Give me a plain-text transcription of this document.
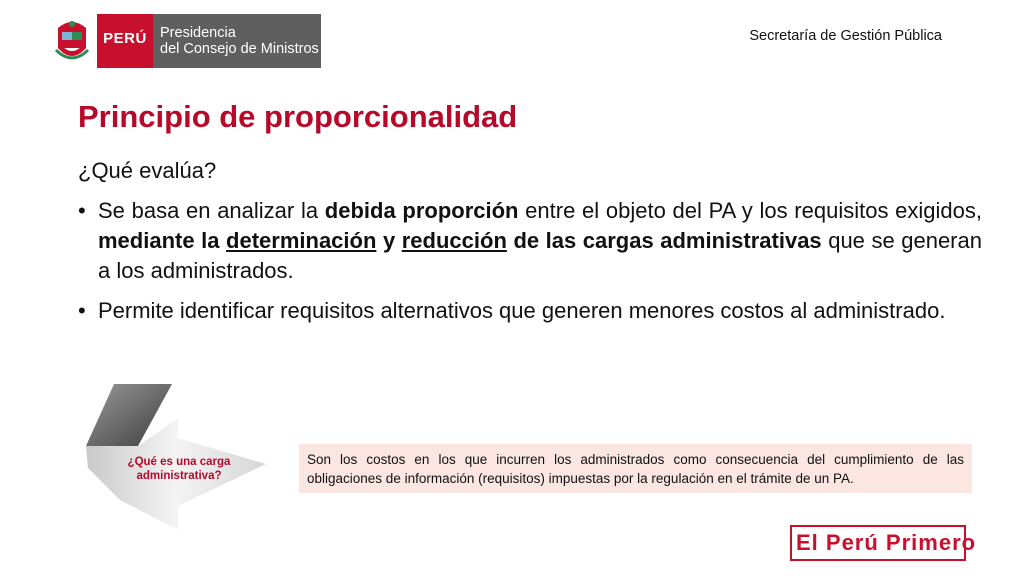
PERÚ Presidencia
del Consejo de Ministros
Secretaría de Gestión Pública
Principio de proporcionalidad
¿Qué evalúa?
• Se basa en analizar la debida proporción entre el objeto del PA y los requisitos exigidos, mediante la determinación y reducción de las cargas administrativas que se generan a los administrados.
• Permite identificar requisitos alternativos que generen menores costos al administrado.
¿Qué es una carga administrativa?
Son los costos en los que incurren los administrados como consecuencia del cumplimiento de las obligaciones de información (requisitos) impuestas por la regulación en el trámite de un PA.
El Perú Primero
